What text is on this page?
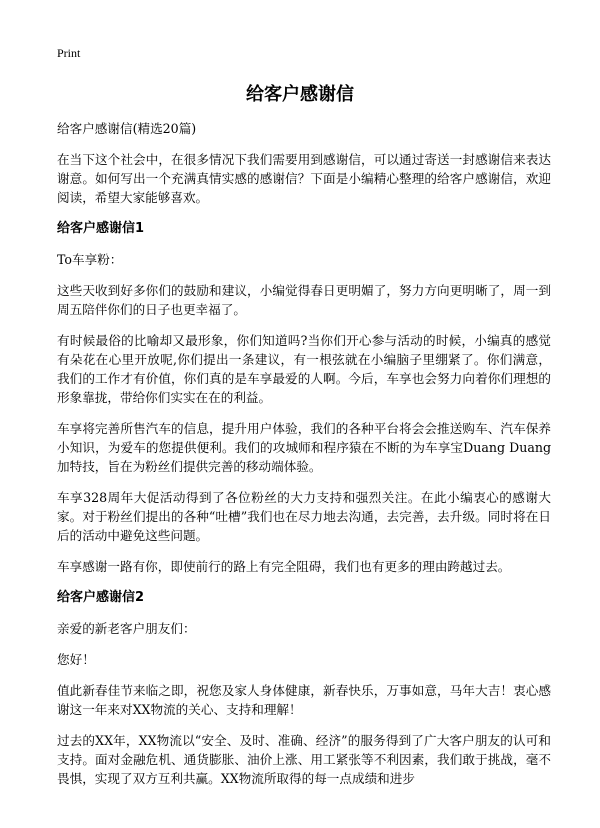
Print
给客户感谢信

给客户感谢信(精选20篇)

在当下这个社会中，在很多情况下我们需要用到感谢信，可以通过寄送一封感谢信来表达谢意。如何写出一个充满真情实感的感谢信？下面是小编精心整理的给客户感谢信，欢迎阅读，希望大家能够喜欢。

给客户感谢信1

To车享粉：

这些天收到好多你们的鼓励和建议，小编觉得春日更明媚了，努力方向更明晰了，周一到周五陪伴你们的日子也更幸福了。

有时候最俗的比喻却又最形象，你们知道吗?当你们开心参与活动的时候，小编真的感觉有朵花在心里开放呢,你们提出一条建议，有一根弦就在小编脑子里绷紧了。你们满意，我们的工作才有价值，你们真的是车享最爱的人啊。今后，车享也会努力向着你们理想的形象靠拢，带给你们实实在在的利益。

车享将完善所售汽车的信息，提升用户体验，我们的各种平台将会会推送购车、汽车保养小知识，为爱车的您提供便利。我们的攻城师和程序猿在不断的为车享宝Duang Duang加特技，旨在为粉丝们提供完善的移动端体验。

车享328周年大促活动得到了各位粉丝的大力支持和强烈关注。在此小编衷心的感谢大家。对于粉丝们提出的各种“吐槽”我们也在尽力地去沟通，去完善，去升级。同时将在日后的活动中避免这些问题。

车享感谢一路有你，即使前行的路上有完全阻碍，我们也有更多的理由跨越过去。

给客户感谢信2

亲爱的新老客户朋友们：

您好！

值此新春佳节来临之即，祝您及家人身体健康，新春快乐，万事如意，马年大吉！衷心感谢这一年来对XX物流的关心、支持和理解！

过去的XX年，XX物流以“安全、及时、准确、经济”的服务得到了广大客户朋友的认可和支持。面对金融危机、通货膨胀、油价上涨、用工紧张等不利因素，我们敢于挑战，毫不畏惧，实现了双方互利共赢。XX物流所取得的每一点成绩和进步
